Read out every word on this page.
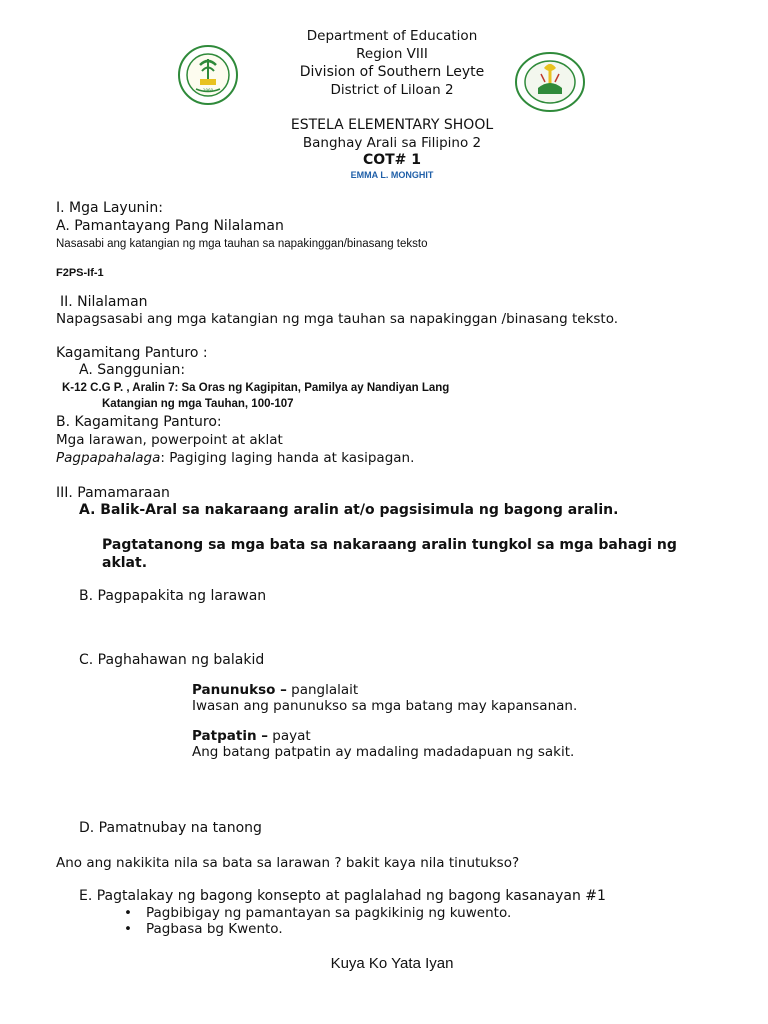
Department of Education
Region VIII
Division of Southern Leyte
District of Liloan 2
1960
ESTELA ELEMENTARY SHOOL
Banghay Arali sa Filipino 2
COT# 1
EMMA L. MONGHIT
I. Mga Layunin:
A. Pamantayang Pang Nilalaman
Nasasabi ang katangian ng mga tauhan sa napakinggan/binasang teksto
F2PS-If-1
II. Nilalaman
Napagsasabi ang mga katangian ng mga tauhan sa napakinggan /binasang teksto.
Kagamitang Panturo :
A. Sanggunian:
K-12 C.G P. , Aralin 7: Sa Oras ng Kagipitan, Pamilya ay Nandiyan Lang
Katangian ng mga Tauhan, 100-107
B. Kagamitang Panturo:
Mga larawan, powerpoint at aklat
Pagpapahalaga: Pagiging laging handa at kasipagan.
III. Pamamaraan
A. Balik-Aral sa nakaraang aralin at/o pagsisimula ng bagong aralin.
Pagtatanong sa mga bata sa nakaraang aralin tungkol sa mga bahagi ng
aklat.
B. Pagpapakita ng larawan
C. Paghahawan ng balakid
Panunukso – panglalait
Iwasan ang panunukso sa mga batang may kapansanan.
Patpatin – payat
Ang batang patpatin ay madaling madadapuan ng sakit.
D. Pamatnubay na tanong
Ano ang nakikita nila sa bata sa larawan ? bakit kaya nila tinutukso?
E. Pagtalakay ng bagong konsepto at paglalahad ng bagong kasanayan #1
• Pagbibigay ng pamantayan sa pagkikinig ng kuwento.
• Pagbasa bg Kwento.
Kuya Ko Yata Iyan
